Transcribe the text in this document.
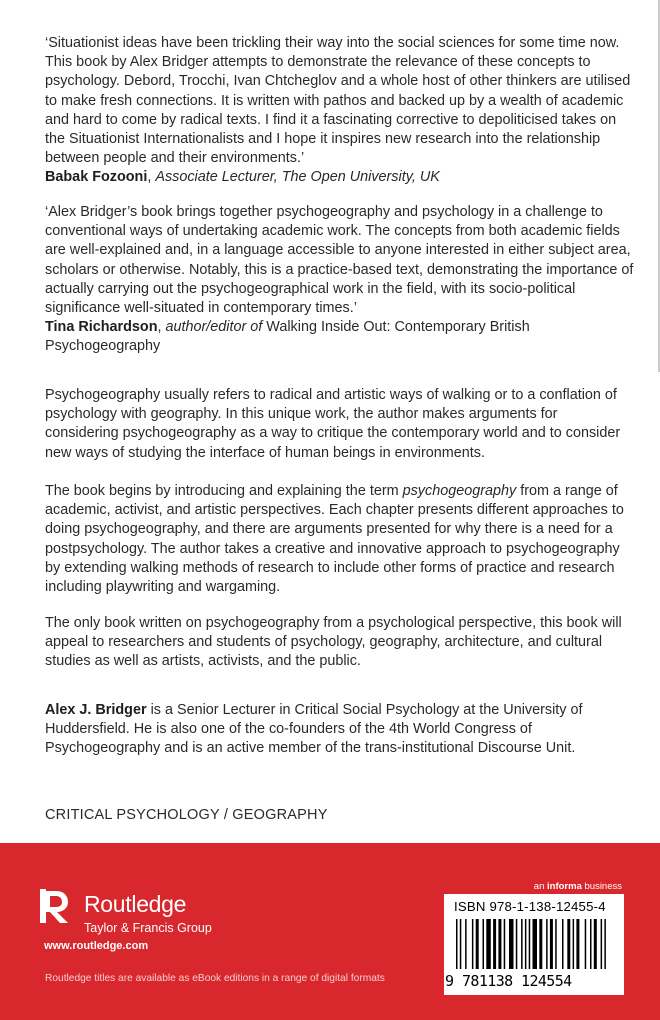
‘Situationist ideas have been trickling their way into the social sciences for some time now. This book by Alex Bridger attempts to demonstrate the relevance of these concepts to psychology. Debord, Trocchi, Ivan Chtcheglov and a whole host of other thinkers are utilised to make fresh connections. It is written with pathos and backed up by a wealth of academic and hard to come by radical texts. I find it a fascinating corrective to depoliticised takes on the Situationist Internationalists and I hope it inspires new research into the relationship between people and their environments.’
Babak Fozooni, Associate Lecturer, The Open University, UK

‘Alex Bridger’s book brings together psychogeography and psychology in a challenge to conventional ways of undertaking academic work. The concepts from both academic fields are well-explained and, in a language accessible to anyone interested in either subject area, scholars or otherwise. Notably, this is a practice-based text, demonstrating the importance of actually carrying out the psychogeographical work in the field, with its socio-political significance well-situated in contemporary times.’
Tina Richardson, author/editor of Walking Inside Out: Contemporary British Psychogeography

Psychogeography usually refers to radical and artistic ways of walking or to a conflation of psychology with geography. In this unique work, the author makes arguments for considering psychogeography as a way to critique the contemporary world and to consider new ways of studying the interface of human beings in environments.

The book begins by introducing and explaining the term psychogeography from a range of academic, activist, and artistic perspectives. Each chapter presents different approaches to doing psychogeography, and there are arguments presented for why there is a need for a postpsychology. The author takes a creative and innovative approach to psychogeography by extending walking methods of research to include other forms of practice and research including playwriting and wargaming.

The only book written on psychogeography from a psychological perspective, this book will appeal to researchers and students of psychology, geography, architecture, and cultural studies as well as artists, activists, and the public.

Alex J. Bridger is a Senior Lecturer in Critical Social Psychology at the University of Huddersfield. He is also one of the co-founders of the 4th World Congress of Psychogeography and is an active member of the trans-institutional Discourse Unit.

CRITICAL PSYCHOLOGY / GEOGRAPHY

Routledge
Taylor & Francis Group
www.routledge.com
Routledge titles are available as eBook editions in a range of digital formats
an informa business
ISBN 978-1-138-12455-4
9 781138 124554
